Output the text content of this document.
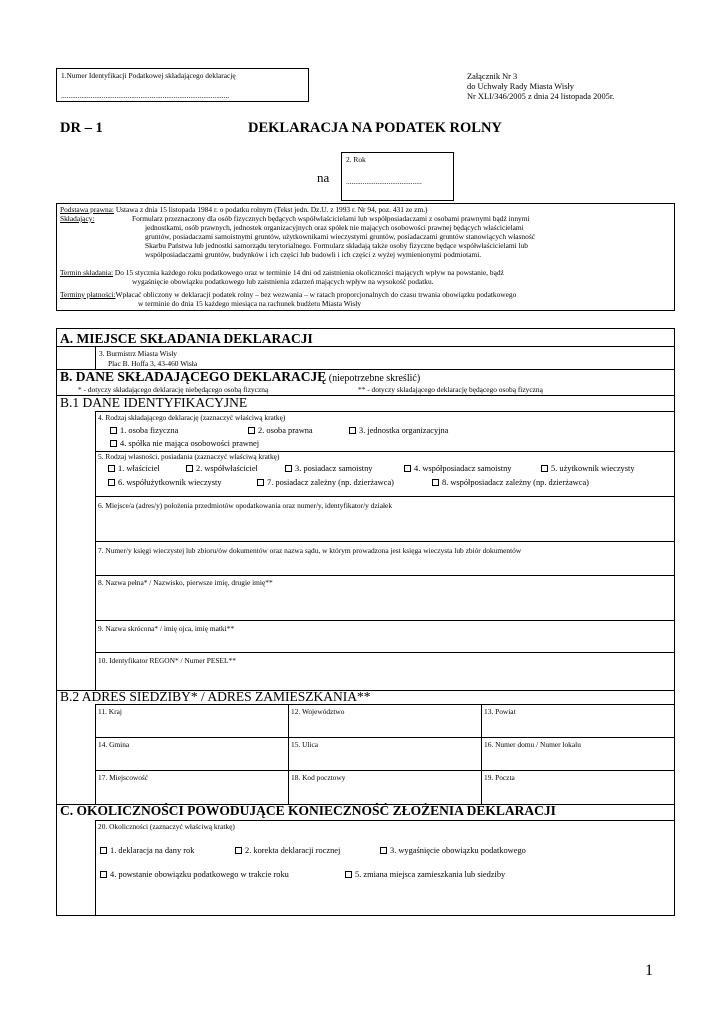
1.Numer Identyfikacji Podatkowej składającego deklarację
...........................................................................................
Załącznik Nr 3
do Uchwały Rady Miasta Wisły
Nr XLI/346/2005 z dnia 24 listopada 2005r.
DR – 1	DEKLARACJA NA PODATEK ROLNY
na
2. Rok
.........................................
Podstawa prawna: Ustawa z dnia 15 listopada 1984 r. o podatku rolnym (Tekst jedn. Dz.U. z 1993 r. Nr 94, poz. 431 ze zm.)
Składający:	Formularz przeznaczony dla osób fizycznych będących współwłaścicielami lub współposiadaczami z osobami prawnymi bądź innymi
jednostkami, osób prawnych, jednostek organizacyjnych oraz spółek nie mających osobowości prawnej będących właścicielami
gruntów, posiadaczami samoistnymi gruntów, użytkownikami wieczystymi gruntów, posiadaczami gruntów stanowiących własność
Skarbu Państwa lub jednostki samorządu terytorialnego. Formularz składają także osoby fizyczne będące współwłaścicielami lub
współposiadaczami gruntów, budynków i ich części lub budowli i ich części z wyżej wymienionymi podmiotami.
Termin składania: Do 15 stycznia każdego roku podatkowego oraz w terminie 14 dni od zaistnienia okoliczności mających wpływ na powstanie, bądź
wygaśnięcie obowiązku podatkowego lub zaistnienia zdarzeń mających wpływ na wysokość podatku.
Terminy płatności:Wpłacać obliczony w deklaracji podatek rolny – bez wezwania – w ratach proporcjonalnych do czasu trwania obowiązku podatkowego
w terminie do dnia 15 każdego miesiąca na rachunek budżetu Miasta Wisły
A. MIEJSCE SKŁADANIA DEKLARACJI
3. Burmistrz Miasta Wisły
Plac B. Hoffa 3, 43-460 Wisła
B. DANE SKŁADAJĄCEGO DEKLARACJĘ (niepotrzebne skreślić)
* - dotyczy składającego deklarację niebędącego osobą fizyczną	** - dotyczy składającego deklarację będącego osobą fizyczną
B.1 DANE IDENTYFIKACYJNE
4. Rodzaj składającego deklarację (zaznaczyć właściwą kratkę)
1. osoba fizyczna	2. osoba prawna	3. jednostka organizacyjna
4. spółka nie mająca osobowości prawnej
5. Rodzaj własności, posiadania (zaznaczyć właściwą kratkę)
1. właściciel	2. współwłaściciel	3. posiadacz samoistny	4. współposiadacz samoistny	5. użytkownik wieczysty
6. współużytkownik wieczysty	7. posiadacz zależny (np. dzierżawca)	8. współposiadacz zależny (np. dzierżawca)
6. Miejsce/a (adres/y) położenia przedmiotów opodatkowania oraz numer/y, identyfikator/y działek
7. Numer/y księgi wieczystej lub zbioru/ów dokumentów oraz nazwa sądu, w którym prowadzona jest księga wieczysta lub zbiór dokumentów
8. Nazwa pełna* / Nazwisko, pierwsze imię, drugie imię**
9. Nazwa skrócona* / imię ojca, imię matki**
10. Identyfikator REGON* / Numer PESEL**
B.2 ADRES SIEDZIBY* / ADRES ZAMIESZKANIA**
11. Kraj	12. Województwo	13. Powiat
14. Gmina	15. Ulica	16. Numer domu / Numer lokalu
17. Miejscowość	18. Kod pocztowy	19. Poczta
C. OKOLICZNOŚCI POWODUJĄCE KONIECZNOŚĆ ZŁOŻENIA DEKLARACJI
20. Okoliczności (zaznaczyć właściwą kratkę)
1. deklaracja na dany rok	2. korekta deklaracji rocznej	3. wygaśnięcie obowiązku podatkowego
4. powstanie obowiązku podatkowego w trakcie roku	5. zmiana miejsca zamieszkania lub siedziby
1
